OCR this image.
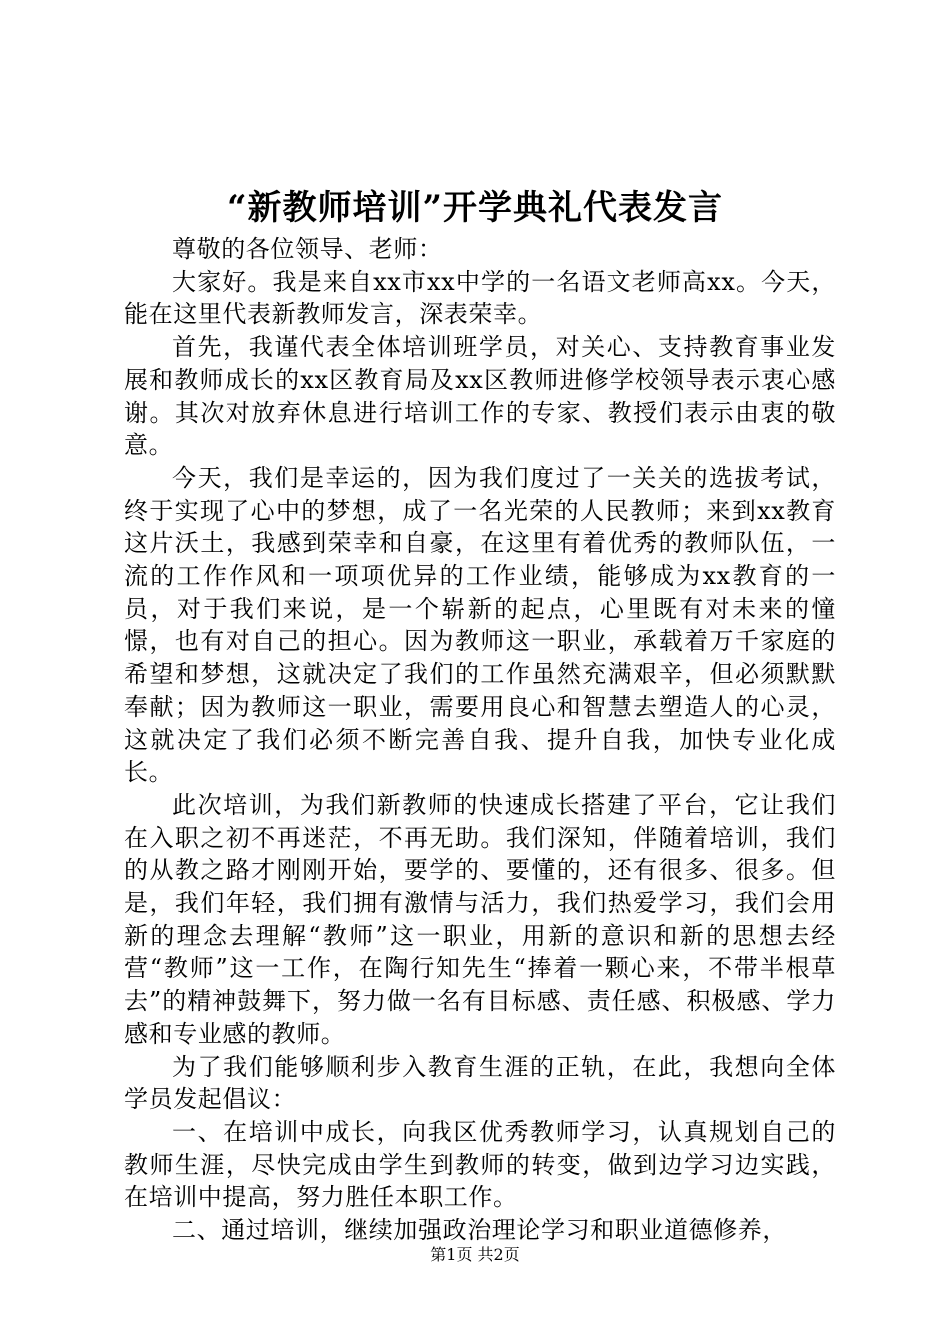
“新教师培训”开学典礼代表发言

尊敬的各位领导、老师：

大家好。我是来自xx市xx中学的一名语文老师高xx。今天，能在这里代表新教师发言，深表荣幸。

首先，我谨代表全体培训班学员，对关心、支持教育事业发展和教师成长的xx区教育局及xx区教师进修学校领导表示衷心感谢。其次对放弃休息进行培训工作的专家、教授们表示由衷的敬意。

今天，我们是幸运的，因为我们度过了一关关的选拔考试，终于实现了心中的梦想，成了一名光荣的人民教师；来到xx教育这片沃土，我感到荣幸和自豪，在这里有着优秀的教师队伍，一流的工作作风和一项项优异的工作业绩，能够成为xx教育的一员，对于我们来说，是一个崭新的起点，心里既有对未来的憧憬，也有对自己的担心。因为教师这一职业，承载着万千家庭的希望和梦想，这就决定了我们的工作虽然充满艰辛，但必须默默奉献；因为教师这一职业，需要用良心和智慧去塑造人的心灵，这就决定了我们必须不断完善自我、提升自我，加快专业化成长。

此次培训，为我们新教师的快速成长搭建了平台，它让我们在入职之初不再迷茫，不再无助。我们深知，伴随着培训，我们的从教之路才刚刚开始，要学的、要懂的，还有很多、很多。但是，我们年轻，我们拥有激情与活力，我们热爱学习，我们会用新的理念去理解“教师”这一职业，用新的意识和新的思想去经营“教师”这一工作，在陶行知先生“捧着一颗心来，不带半根草去”的精神鼓舞下，努力做一名有目标感、责任感、积极感、学力感和专业感的教师。

为了我们能够顺利步入教育生涯的正轨，在此，我想向全体学员发起倡议：

一、在培训中成长，向我区优秀教师学习，认真规划自己的教师生涯，尽快完成由学生到教师的转变，做到边学习边实践，在培训中提高，努力胜任本职工作。

二、通过培训，继续加强政治理论学习和职业道德修养，

第1页 共2页
